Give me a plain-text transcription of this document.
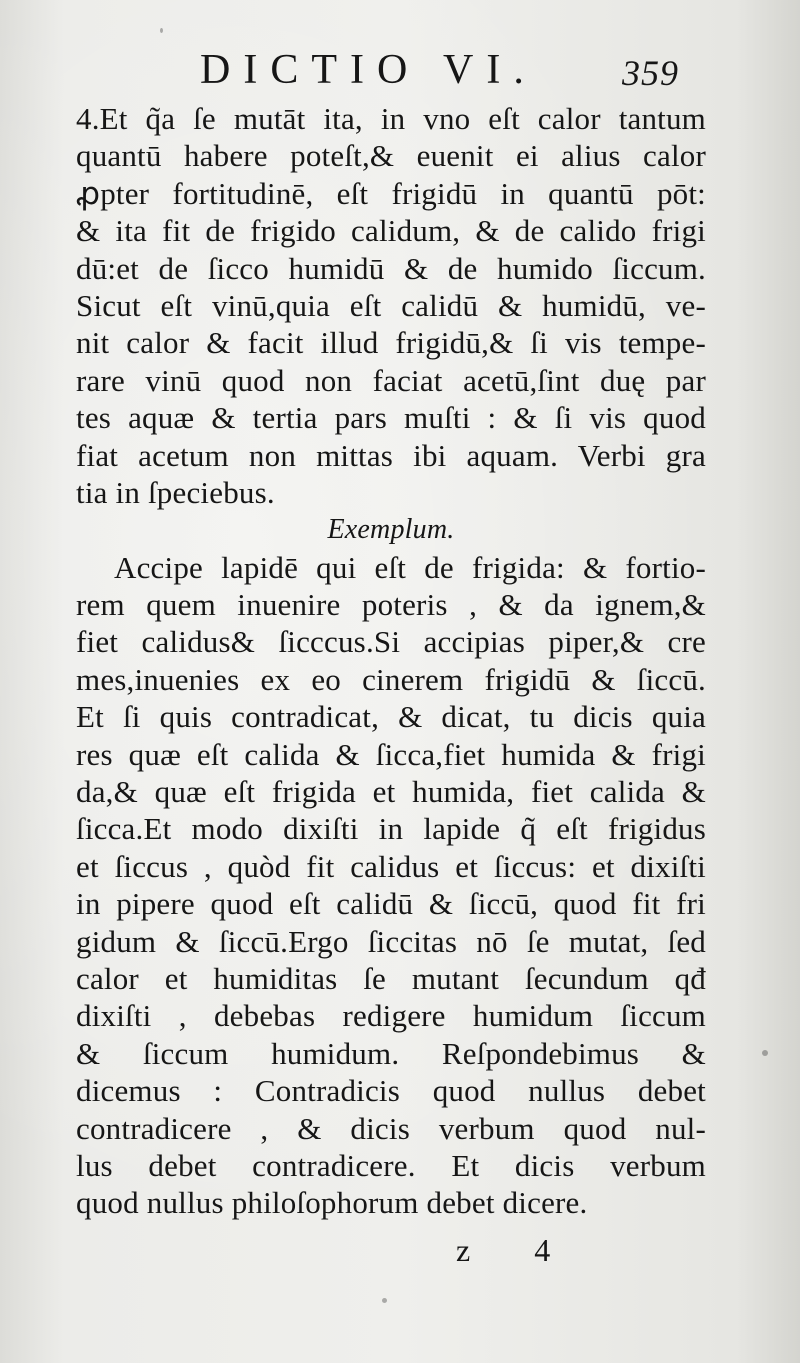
DICTIO VI. 359
4.Et q̃a ſe mutāt ita, in vno eſt calor tantum
quantū habere poteſt,& euenit ei alius calor
ꝓpter fortitudinē, eſt frigidū in quantū pōt:
& ita fit de frigido calidum, & de calido frigi
dū:et de ſicco humidū & de humido ſiccum.
Sicut eſt vinū,quia eſt calidū & humidū, ve-
nit calor & facit illud frigidū,& ſi vis tempe-
rare vinū quod non faciat acetū,ſint duę par
tes aquæ & tertia pars muſti : & ſi vis quod
fiat acetum non mittas ibi aquam. Verbi gra
tia in ſpeciebus.
Exemplum.
Accipe lapidē qui eſt de frigida: & fortio-
rem quem inuenire poteris , & da ignem,&
fiet calidus& ſicccus.Si accipias piper,& cre
mes,inuenies ex eo cinerem frigidū & ſiccū.
Et ſi quis contradicat, & dicat, tu dicis quia
res quæ eſt calida & ſicca,fiet humida & frigi
da,& quæ eſt frigida et humida, fiet calida &
ſicca.Et modo dixiſti in lapide q̃ eſt frigidus
et ſiccus , quòd fit calidus et ſiccus: et dixiſti
in pipere quod eſt calidū & ſiccū, quod fit fri
gidum & ſiccū.Ergo ſiccitas nō ſe mutat, ſed
calor et humiditas ſe mutant ſecundum qđ
dixiſti , debebas redigere humidum ſiccum
& ſiccum humidum. Reſpondebimus &
dicemus : Contradicis quod nullus debet
contradicere , & dicis verbum quod nul-
lus debet contradicere. Et dicis verbum
quod nullus philoſophorum debet dicere.
z 4
